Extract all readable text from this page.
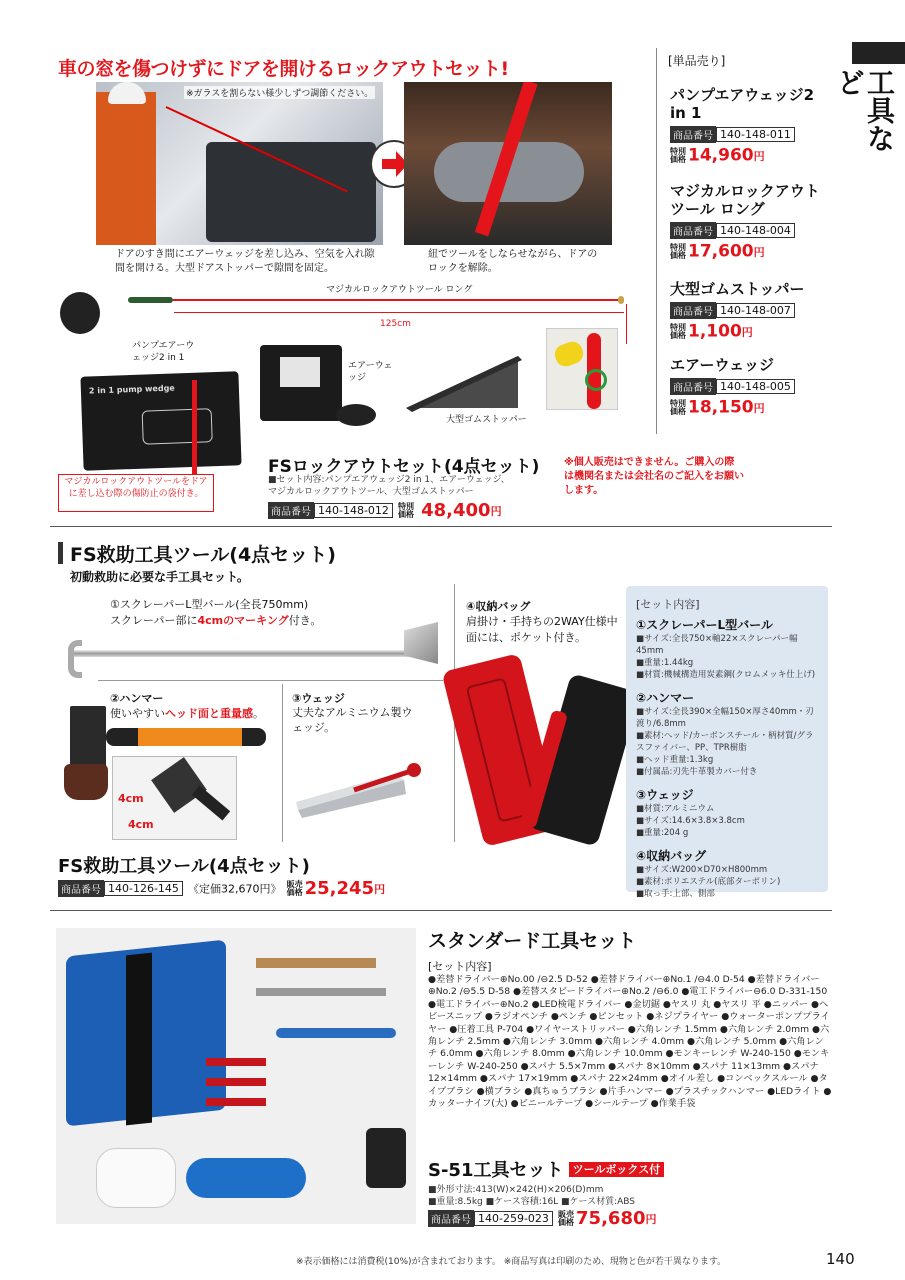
工具など
車の窓を傷つけずにドアを開けるロックアウトセット!
※ガラスを割らない様少しずつ調節ください。
ドアのすき間にエアーウェッジを差し込み、空気を入れ隙間を開ける。大型ドアストッパーで隙間を固定。
紐でツールをしならせながら、ドアのロックを解除。
マジカルロックアウトツール ロング
125cm
パンプエアーウェッジ2 in 1
2 in 1 pump wedge
エアーウェッジ
大型ゴムストッパー
マジカルロックアウトツールをドアに差し込む際の傷防止の袋付き。
FSロックアウトセット(4点セット)
■セット内容:パンプエアウェッジ2 in 1、エアーウェッジ、マジカルロックアウトツール、大型ゴムストッパー
※個人販売はできません。ご購入の際は機関名または会社名のご記入をお願いします。
商品番号 140-148-012 特別価格 48,400円
[単品売り]
パンプエアウェッジ2 in 1
商品番号 140-148-011
特別価格 14,960円
マジカルロックアウトツール ロング
商品番号 140-148-004
特別価格 17,600円
大型ゴムストッパー
商品番号 140-148-007
特別価格 1,100円
エアーウェッジ
商品番号 140-148-005
特別価格 18,150円
FS救助工具ツール(4点セット)
初動救助に必要な手工具セット。
①スクレーパーL型バール(全長750mm)
スクレーパー部に4cmのマーキング付き。
②ハンマー
使いやすいヘッド面と重量感。
4cm
4cm
③ウェッジ
丈夫なアルミニウム製ウェッジ。
④収納バッグ
肩掛け・手持ちの2WAY仕様中面には、ポケット付き。
[セット内容]
①スクレーパーL型バール
■サイズ:全長750×軸22×スクレーパー幅45mm
■重量:1.44kg
■材質:機械構造用炭素鋼(クロムメッキ仕上げ)
②ハンマー
■サイズ:全長390×全幅150×厚さ40mm・刃渡り/6.8mm
■素材:ヘッド/カーボンスチール・柄材質/グラスファイバー、PP、TPR樹脂
■ヘッド重量:1.3kg
■付属品:刃先牛革製カバー付き
③ウェッジ
■材質:アルミニウム
■サイズ:14.6×3.8×3.8cm
■重量:204 g
④収納バッグ
■サイズ:W200×D70×H800mm
■素材:ポリエステル(底部ターポリン)
■取っ手:上部、側部
FS救助工具ツール(4点セット)
商品番号 140-126-145 《定価32,670円》 販売価格 25,245円
スタンダード工具セット
[セット内容]
●差替ドライバー⊕No.00 /⊖2.5 D-52 ●差替ドライバー⊕No.1 /⊖4.0 D-54 ●差替ドライバー⊕No.2 /⊖5.5 D-58 ●差替スタビードライバー⊕No.2 /⊖6.0 ●電工ドライバー⊖6.0 D-331-150 ●電工ドライバー⊕No.2 ●LED検電ドライバー ●金切鋸 ●ヤスリ 丸 ●ヤスリ 平 ●ニッパー ●ヘビースニップ ●ラジオペンチ ●ペンチ ●ピンセット ●ネジプライヤー ●ウォーターポンププライヤー ●圧着工具 P-704 ●ワイヤーストリッパー ●六角レンチ 1.5mm ●六角レンチ 2.0mm ●六角レンチ 2.5mm ●六角レンチ 3.0mm ●六角レンチ 4.0mm ●六角レンチ 5.0mm ●六角レンチ 6.0mm ●六角レンチ 8.0mm ●六角レンチ 10.0mm ●モンキーレンチ W-240-150 ●モンキーレンチ W-240-250 ●スパナ 5.5×7mm ●スパナ 8×10mm ●スパナ 11×13mm ●スパナ 12×14mm ●スパナ 17×19mm ●スパナ 22×24mm ●オイル差し ●コンベックスルール ●タイプブラシ ●横ブラシ ●真ちゅうブラシ ●片手ハンマー ●プラスチックハンマー ●LEDライト ●カッターナイフ(大) ●ビニールテープ ●シールテープ ●作業手袋
S-51工具セット ツールボックス付
■外形寸法:413(W)×242(H)×206(D)mm
■重量:8.5kg ■ケース容積:16L ■ケース材質:ABS
商品番号 140-259-023 販売価格 75,680円
※表示価格には消費税(10%)が含まれております。 ※商品写真は印刷のため、現物と色が若干異なります。	140
